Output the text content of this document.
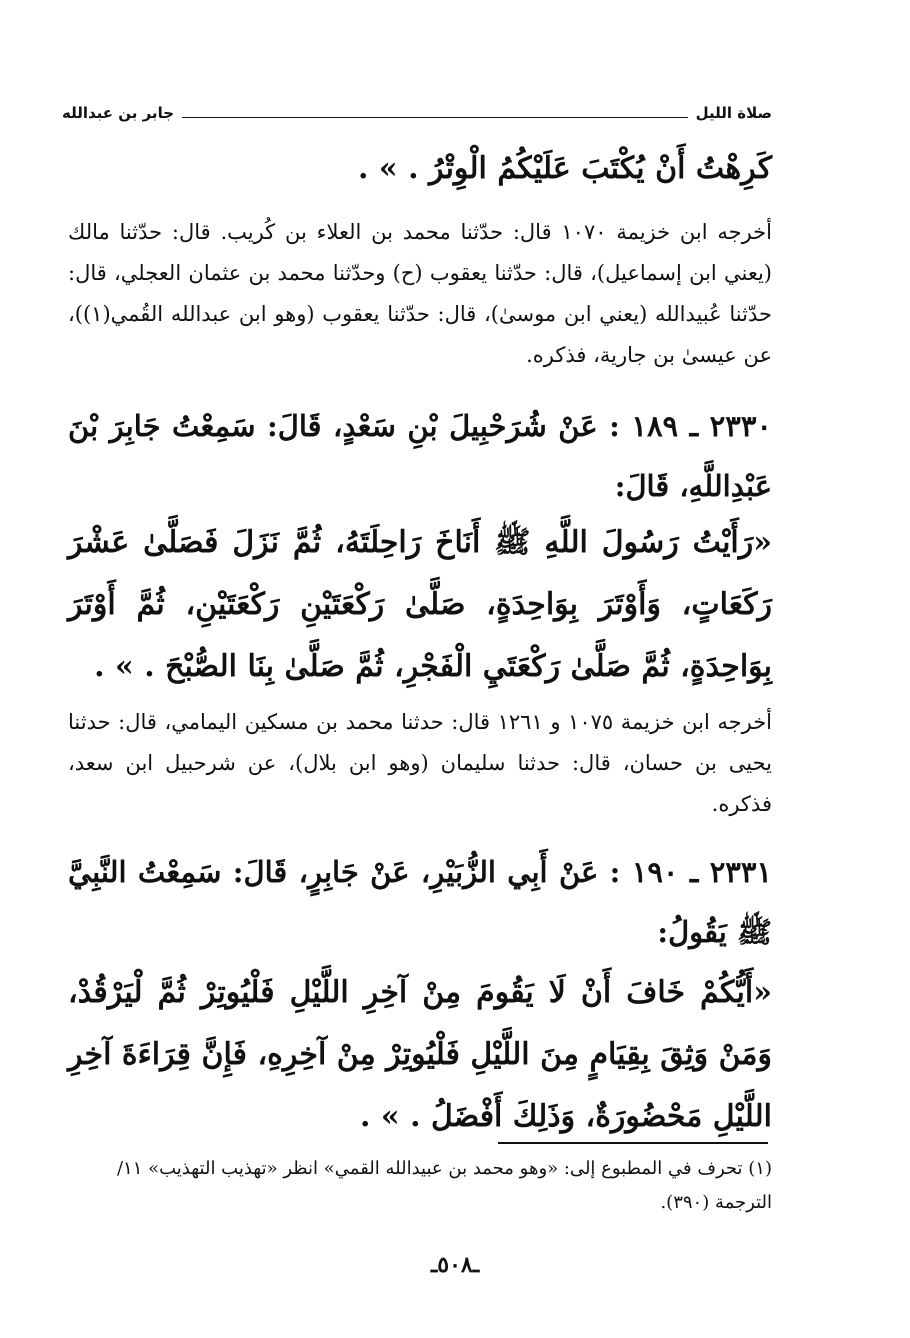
صلاة الليل
جابر بن عبدالله
كَرِهْتُ أَنْ يُكْتَبَ عَلَيْكُمُ الْوِتْرُ . » .
أخرجه ابن خزيمة ١٠٧٠ قال: حدّثنا محمد بن العلاء بن كُريب. قال: حدّثنا مالك (يعني ابن إسماعيل)، قال: حدّثنا يعقوب (ح) وحدّثنا محمد بن عثمان العجلي، قال: حدّثنا عُبيدالله (يعني ابن موسىٰ)، قال: حدّثنا يعقوب (وهو ابن عبدالله القُمي(١))، عن عيسىٰ بن جارية، فذكره.
٢٣٣٠ ـ ١٨٩ : عَنْ شُرَحْبِيلَ بْنِ سَعْدٍ، قَالَ: سَمِعْتُ جَابِرَ بْنَ عَبْدِاللَّهِ، قَالَ:
«رَأَيْتُ رَسُولَ اللَّهِ ﷺ أَنَاخَ رَاحِلَتَهُ، ثُمَّ نَزَلَ فَصَلَّىٰ عَشْرَ رَكَعَاتٍ، وَأَوْتَرَ بِوَاحِدَةٍ، صَلَّىٰ رَكْعَتَيْنِ رَكْعَتَيْنِ، ثُمَّ أَوْتَرَ بِوَاحِدَةٍ، ثُمَّ صَلَّىٰ رَكْعَتَيِ الْفَجْرِ، ثُمَّ صَلَّىٰ بِنَا الصُّبْحَ . » .
أخرجه ابن خزيمة ١٠٧٥ و ١٢٦١ قال: حدثنا محمد بن مسكين اليمامي، قال: حدثنا يحيى بن حسان، قال: حدثنا سليمان (وهو ابن بلال)، عن شرحبيل ابن سعد، فذكره.
٢٣٣١ ـ ١٩٠ : عَنْ أَبِي الزُّبَيْرِ، عَنْ جَابِرٍ، قَالَ: سَمِعْتُ النَّبِيَّ ﷺ يَقُولُ:
«أَيُّكُمْ خَافَ أَنْ لَا يَقُومَ مِنْ آخِرِ اللَّيْلِ فَلْيُوتِرْ ثُمَّ لْيَرْقُدْ، وَمَنْ وَثِقَ بِقِيَامٍ مِنَ اللَّيْلِ فَلْيُوتِرْ مِنْ آخِرِهِ، فَإِنَّ قِرَاءَةَ آخِرِ اللَّيْلِ مَحْضُورَةٌ، وَذَلِكَ أَفْضَلُ . » .
(١) تحرف في المطبوع إلى: «وهو محمد بن عبيدالله القمي» انظر «تهذيب التهذيب» ١١/الترجمة (٣٩٠).
ـ٥٠٨ـ
